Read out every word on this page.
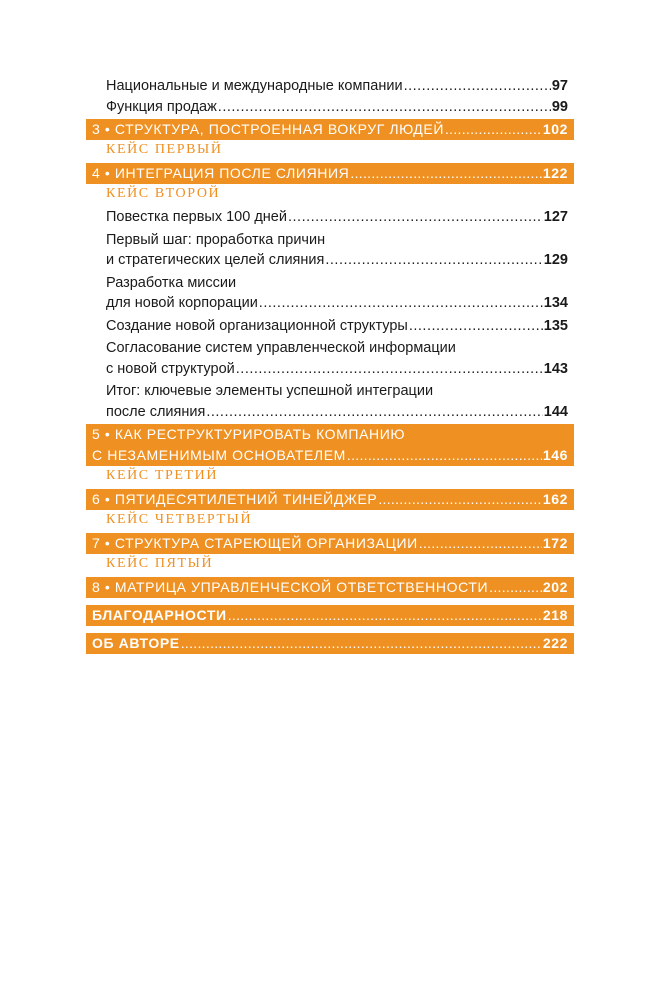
Национальные и международные компании .....	97
Функция продаж .....	99
3 • СТРУКТУРА, ПОСТРОЕННАЯ ВОКРУГ ЛЮДЕЙ .....	102
КЕЙС ПЕРВЫЙ
4 • ИНТЕГРАЦИЯ ПОСЛЕ СЛИЯНИЯ .....	122
КЕЙС ВТОРОЙ
Повестка первых 100 дней .....	127
Первый шаг: проработка причин
и стратегических целей слияния .....	129
Разработка миссии
для новой корпорации .....	134
Создание новой организационной структуры .....	135
Согласование систем управленческой информации
с новой структурой .....	143
Итог: ключевые элементы успешной интеграции
после слияния .....	144
5 • КАК РЕСТРУКТУРИРОВАТЬ КОМПАНИЮ
С НЕЗАМЕНИМЫМ ОСНОВАТЕЛЕМ .....	146
КЕЙС ТРЕТИЙ
6 • ПЯТИДЕСЯТИЛЕТНИЙ ТИНЕЙДЖЕР .....	162
КЕЙС ЧЕТВЕРТЫЙ
7 • СТРУКТУРА СТАРЕЮЩЕЙ ОРГАНИЗАЦИИ .....	172
КЕЙС ПЯТЫЙ
8 • МАТРИЦА УПРАВЛЕНЧЕСКОЙ ОТВЕТСТВЕННОСТИ .....	202
БЛАГОДАРНОСТИ .....	218
ОБ АВТОРЕ .....	222
